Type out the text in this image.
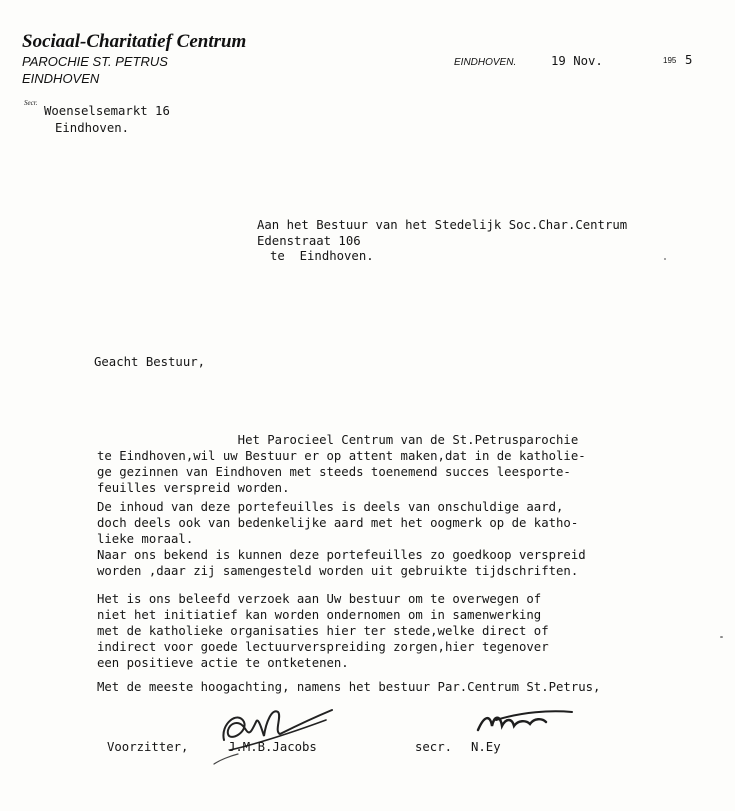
Sociaal-Charitatief Centrum
PAROCHIE ST. PETRUS
EINDHOVEN
EINDHOVEN.	19 Nov.	195 5
Secr.
Woenselsemarkt 16
Eindhoven.
Aan het Bestuur van het Stedelijk Soc.Char.Centrum
Edenstraat 106
te  Eindhoven.
Geacht Bestuur,
Het Parocieel Centrum van de St.Petrusparochie
te Eindhoven,wil uw Bestuur er op attent maken,dat in de katholie-
ge gezinnen van Eindhoven met steeds toenemend succes leesporte-
feuilles verspreid worden.
De inhoud van deze portefeuilles is deels van onschuldige aard,
doch deels ook van bedenkelijke aard met het oogmerk op de katho-
lieke moraal.
Naar ons bekend is kunnen deze portefeuilles zo goedkoop verspreid
worden ,daar zij samengesteld worden uit gebruikte tijdschriften.
Het is ons beleefd verzoek aan Uw bestuur om te overwegen of
niet het initiatief kan worden ondernomen om in samenwerking
met de katholieke organisaties hier ter stede,welke direct of
indirect voor goede lectuurverspreiding zorgen,hier tegenover
een positieve actie te ontketenen.
Met de meeste hoogachting, namens het bestuur Par.Centrum St.Petrus,
Voorzitter,	J.M.B.Jacobs	secr. N.Ey
